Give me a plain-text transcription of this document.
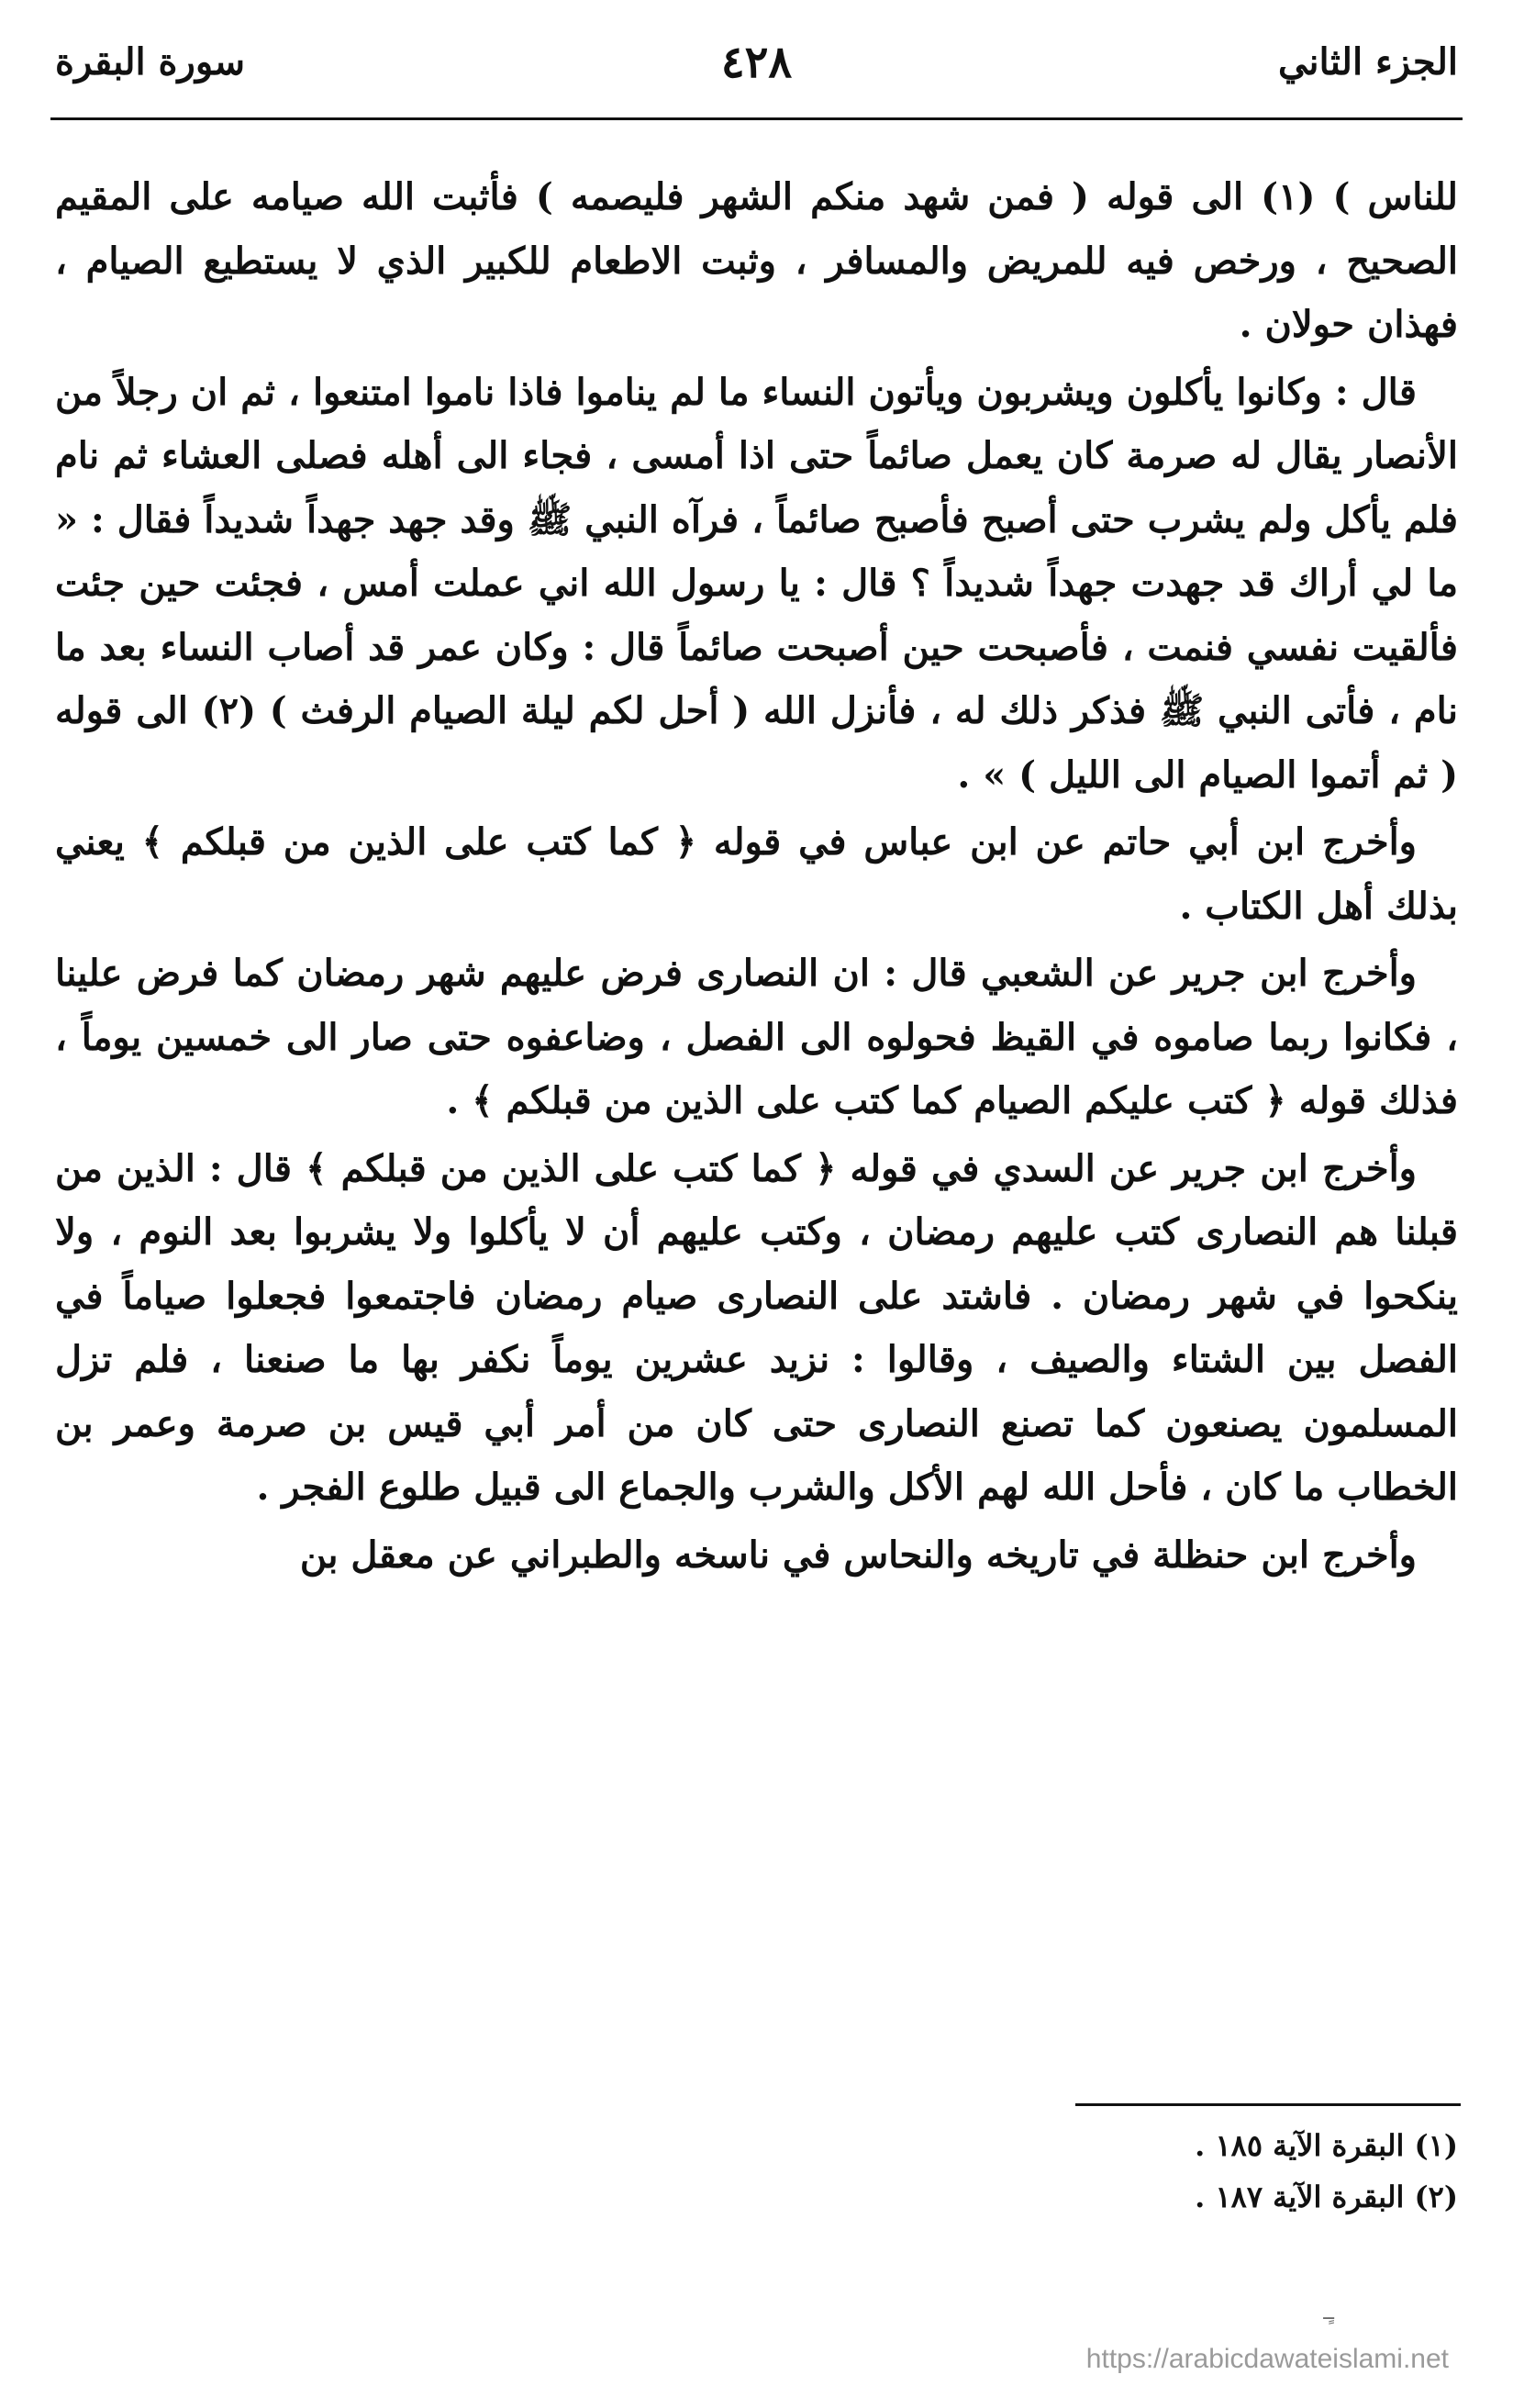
الجزء الثاني
٤٢٨
سورة البقرة

للناس ) (١) الى قوله ( فمن شهد منكم الشهر فليصمه ) فأثبت الله صيامه على المقيم الصحيح ، ورخص فيه للمريض والمسافر ، وثبت الاطعام للكبير الذي لا يستطيع الصيام ، فهذان حولان .

قال : وكانوا يأكلون ويشربون ويأتون النساء ما لم يناموا فاذا ناموا امتنعوا ، ثم ان رجلاً من الأنصار يقال له صرمة كان يعمل صائماً حتى اذا أمسى ، فجاء الى أهله فصلى العشاء ثم نام فلم يأكل ولم يشرب حتى أصبح فأصبح صائماً ، فرآه النبي ﷺ وقد جهد جهداً شديداً فقال : « ما لي أراك قد جهدت جهداً شديداً ؟ قال : يا رسول الله اني عملت أمس ، فجئت حين جئت فألقيت نفسي فنمت ، فأصبحت حين أصبحت صائماً قال : وكان عمر قد أصاب النساء بعد ما نام ، فأتى النبي ﷺ فذكر ذلك له ، فأنزل الله ( أحل لكم ليلة الصيام الرفث ) (٢) الى قوله ( ثم أتموا الصيام الى الليل ) » .

وأخرج ابن أبي حاتم عن ابن عباس في قوله ﴿ كما كتب على الذين من قبلكم ﴾ يعني بذلك أهل الكتاب .

وأخرج ابن جرير عن الشعبي قال : ان النصارى فرض عليهم شهر رمضان كما فرض علينا ، فكانوا ربما صاموه في القيظ فحولوه الى الفصل ، وضاعفوه حتى صار الى خمسين يوماً ، فذلك قوله ﴿ كتب عليكم الصيام كما كتب على الذين من قبلكم ﴾ .

وأخرج ابن جرير عن السدي في قوله ﴿ كما كتب على الذين من قبلكم ﴾ قال : الذين من قبلنا هم النصارى كتب عليهم رمضان ، وكتب عليهم أن لا يأكلوا ولا يشربوا بعد النوم ، ولا ينكحوا في شهر رمضان . فاشتد على النصارى صيام رمضان فاجتمعوا فجعلوا صياماً في الفصل بين الشتاء والصيف ، وقالوا : نزيد عشرين يوماً نكفر بها ما صنعنا ، فلم تزل المسلمون يصنعون كما تصنع النصارى حتى كان من أمر أبي قيس بن صرمة وعمر بن الخطاب ما كان ، فأحل الله لهم الأكل والشرب والجماع الى قبيل طلوع الفجر .

وأخرج ابن حنظلة في تاريخه والنحاس في ناسخه والطبراني عن معقل بن

(١) البقرة الآية ١٨٥ .
(٢) البقرة الآية ١٨٧ .
ـٍـ
https://arabicdawateislami.net
